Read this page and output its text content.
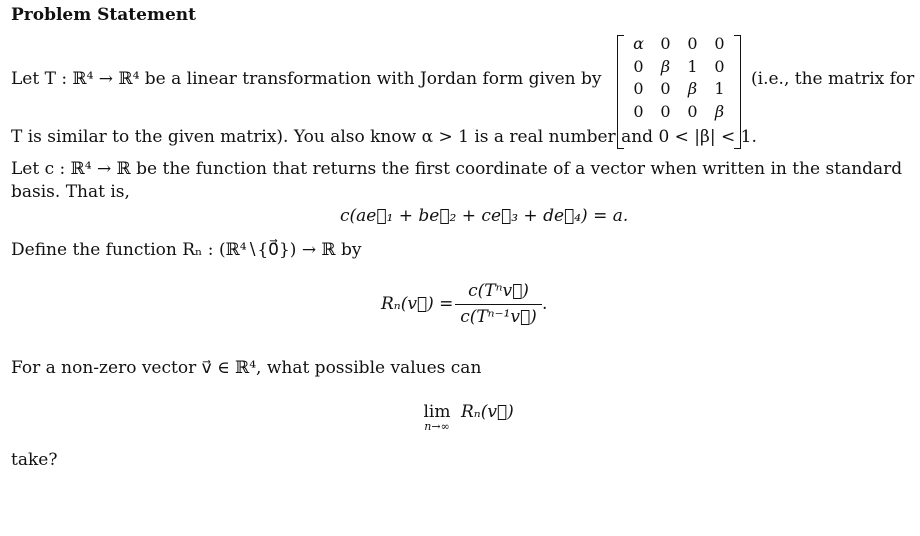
Problem Statement
Let T : ℝ⁴ → ℝ⁴ be a linear transformation with Jordan form given by
α	0	0	0
0	β	1	0
0	0	β	1
0	0	0	β
(i.e., the matrix for
T is similar to the given matrix). You also know α > 1 is a real number and 0 < |β| < 1.
Let c : ℝ⁴ → ℝ be the function that returns the first coordinate of a vector when written in the standard
basis. That is,
c(ae⃗₁ + be⃗₂ + ce⃗₃ + de⃗₄) = a.
Define the function Rₙ : (ℝ⁴∖{0⃗}) → ℝ by
Rₙ(v⃗) =
c(Tⁿv⃗)
c(Tⁿ⁻¹v⃗)
.
For a non-zero vector v⃗ ∈ ℝ⁴, what possible values can
lim
n→∞
Rₙ(v⃗)
take?
